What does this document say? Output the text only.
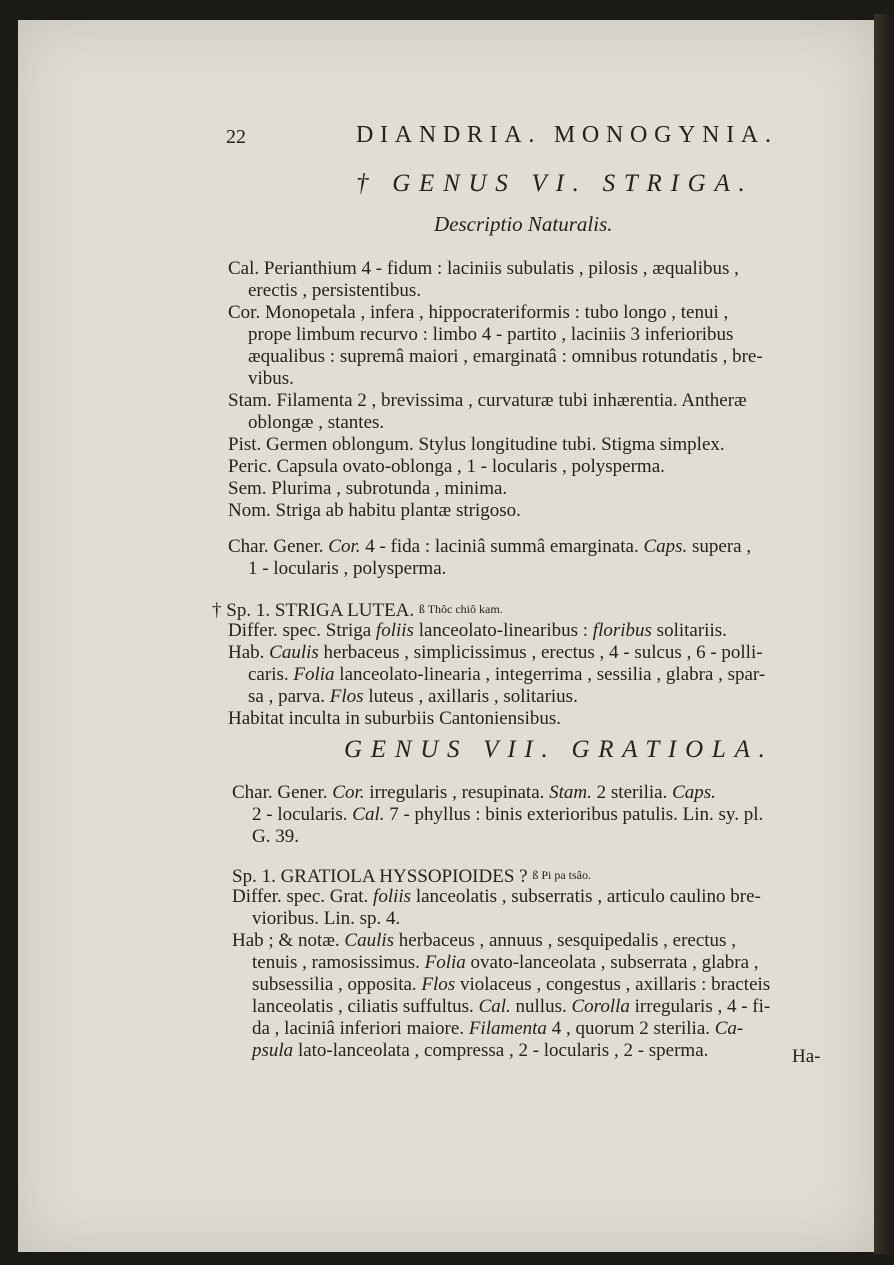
22	DIANDRIA. MONOGYNIA.
† GENUS VI. STRIGA.
Descriptio Naturalis.
Cal. Perianthium 4 - fidum : laciniis subulatis , pilosis , æqualibus ,
erectis , persistentibus.
Cor. Monopetala , infera , hippocrateriformis : tubo longo , tenui ,
prope limbum recurvo : limbo 4 - partito , laciniis 3 inferioribus
æqualibus : supremâ maiori , emarginatâ : omnibus rotundatis , bre-
vibus.
Stam. Filamenta 2 , brevissima , curvaturæ tubi inhærentia. Antheræ
oblongæ , stantes.
Pist. Germen oblongum. Stylus longitudine tubi. Stigma simplex.
Peric. Capsula ovato-oblonga , 1 - locularis , polysperma.
Sem. Plurima , subrotunda , minima.
Nom. Striga ab habitu plantæ strigoso.
Char. Gener. Cor. 4 - fida : laciniâ summâ emarginata. Caps. supera ,
1 - locularis , polysperma.
† Sp. 1. STRIGA LUTEA. ß Thôc chiô kam.
Differ. spec. Striga foliis lanceolato-linearibus : floribus solitariis.
Hab. Caulis herbaceus , simplicissimus , erectus , 4 - sulcus , 6 - polli-
caris. Folia lanceolato-linearia , integerrima , sessilia , glabra , spar-
sa , parva. Flos luteus , axillaris , solitarius.
Habitat inculta in suburbiis Cantoniensibus.
GENUS VII. GRATIOLA.
Char. Gener. Cor. irregularis , resupinata. Stam. 2 sterilia. Caps.
2 - locularis. Cal. 7 - phyllus : binis exterioribus patulis. Lin. sy. pl.
G. 39.
Sp. 1. GRATIOLA HYSSOPIOIDES ? ß Pi pa tsâo.
Differ. spec. Grat. foliis lanceolatis , subserratis , articulo caulino bre-
vioribus. Lin. sp. 4.
Hab ; & notæ. Caulis herbaceus , annuus , sesquipedalis , erectus ,
tenuis , ramosissimus. Folia ovato-lanceolata , subserrata , glabra ,
subsessilia , opposita. Flos violaceus , congestus , axillaris : bracteis
lanceolatis , ciliatis suffultus. Cal. nullus. Corolla irregularis , 4 - fi-
da , laciniâ inferiori maiore. Filamenta 4 , quorum 2 sterilia. Ca-
psula lato-lanceolata , compressa , 2 - locularis , 2 - sperma.	Ha-
